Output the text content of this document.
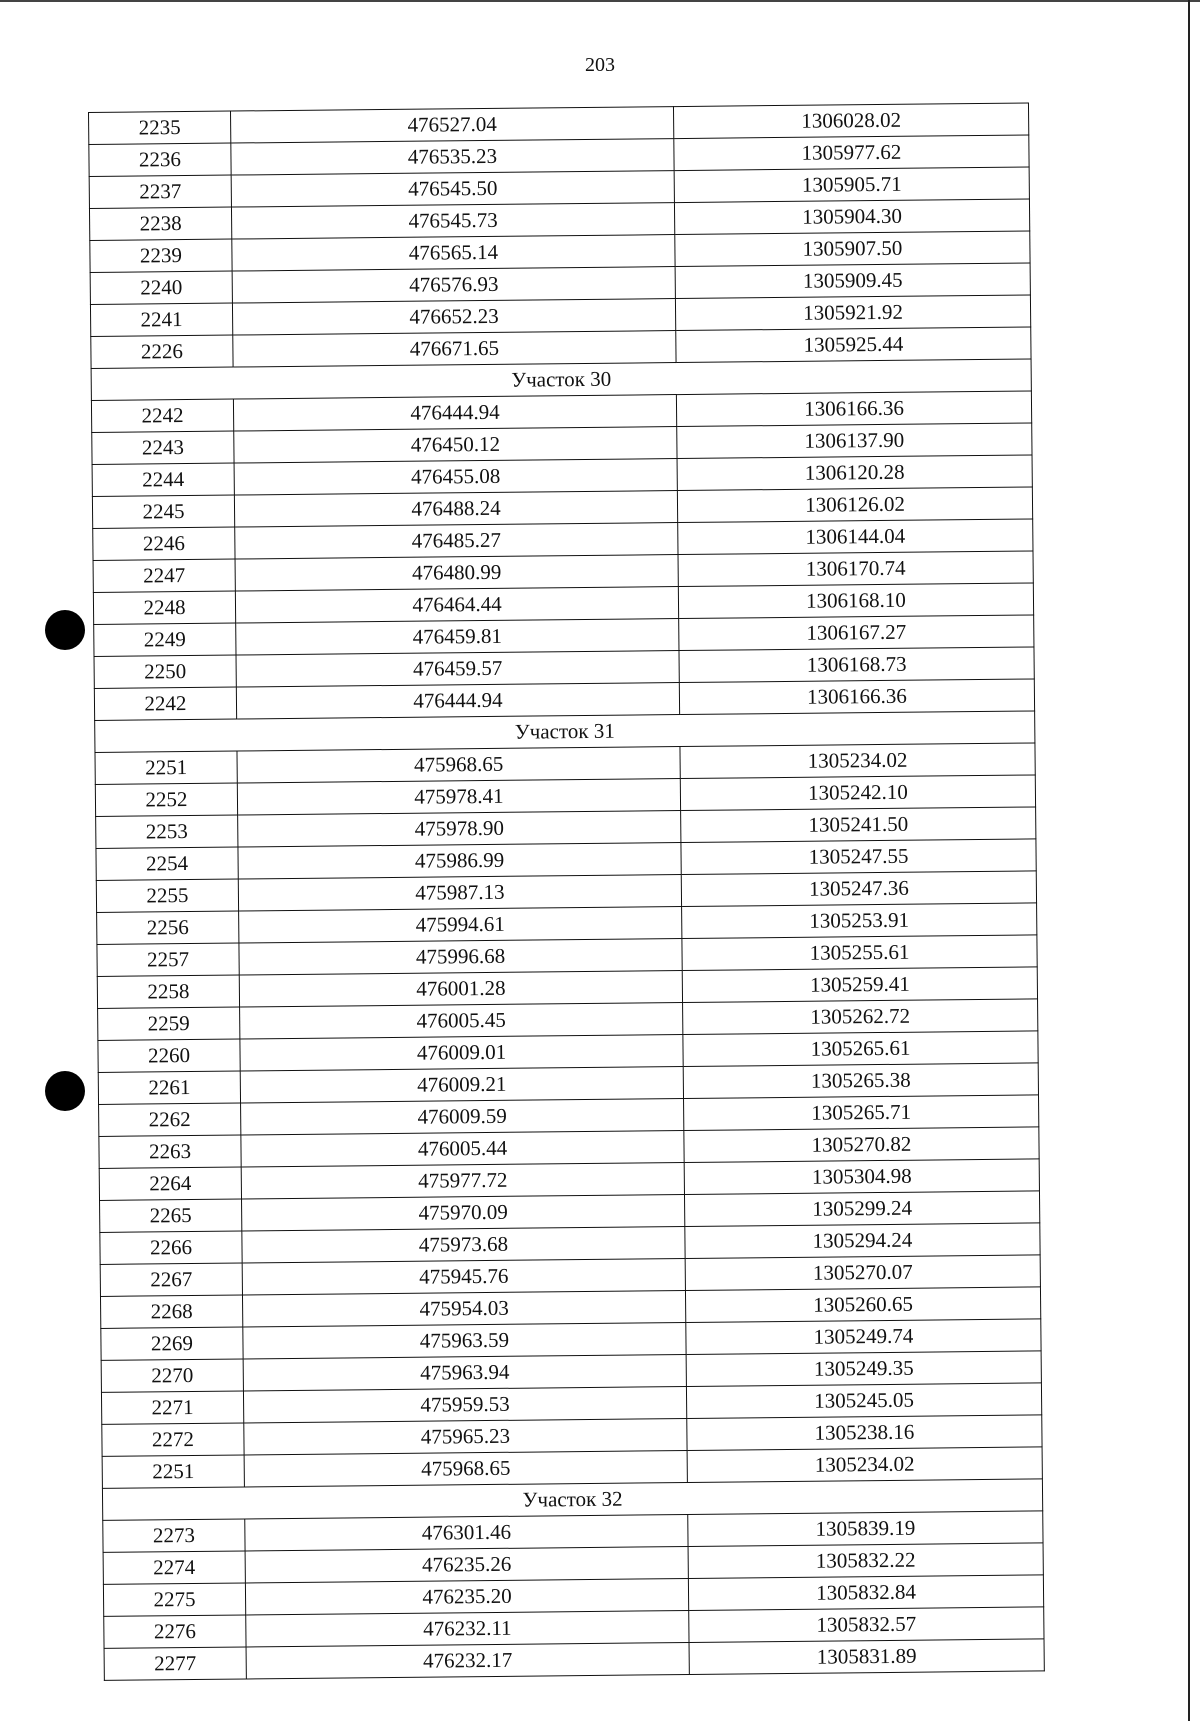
203
2235	476527.04	1306028.02
2236	476535.23	1305977.62
2237	476545.50	1305905.71
2238	476545.73	1305904.30
2239	476565.14	1305907.50
2240	476576.93	1305909.45
2241	476652.23	1305921.92
2226	476671.65	1305925.44
Участок 30		
2242	476444.94	1306166.36
2243	476450.12	1306137.90
2244	476455.08	1306120.28
2245	476488.24	1306126.02
2246	476485.27	1306144.04
2247	476480.99	1306170.74
2248	476464.44	1306168.10
2249	476459.81	1306167.27
2250	476459.57	1306168.73
2242	476444.94	1306166.36
Участок 31		
2251	475968.65	1305234.02
2252	475978.41	1305242.10
2253	475978.90	1305241.50
2254	475986.99	1305247.55
2255	475987.13	1305247.36
2256	475994.61	1305253.91
2257	475996.68	1305255.61
2258	476001.28	1305259.41
2259	476005.45	1305262.72
2260	476009.01	1305265.61
2261	476009.21	1305265.38
2262	476009.59	1305265.71
2263	476005.44	1305270.82
2264	475977.72	1305304.98
2265	475970.09	1305299.24
2266	475973.68	1305294.24
2267	475945.76	1305270.07
2268	475954.03	1305260.65
2269	475963.59	1305249.74
2270	475963.94	1305249.35
2271	475959.53	1305245.05
2272	475965.23	1305238.16
2251	475968.65	1305234.02
Участок 32		
2273	476301.46	1305839.19
2274	476235.26	1305832.22
2275	476235.20	1305832.84
2276	476232.11	1305832.57
2277	476232.17	1305831.89
